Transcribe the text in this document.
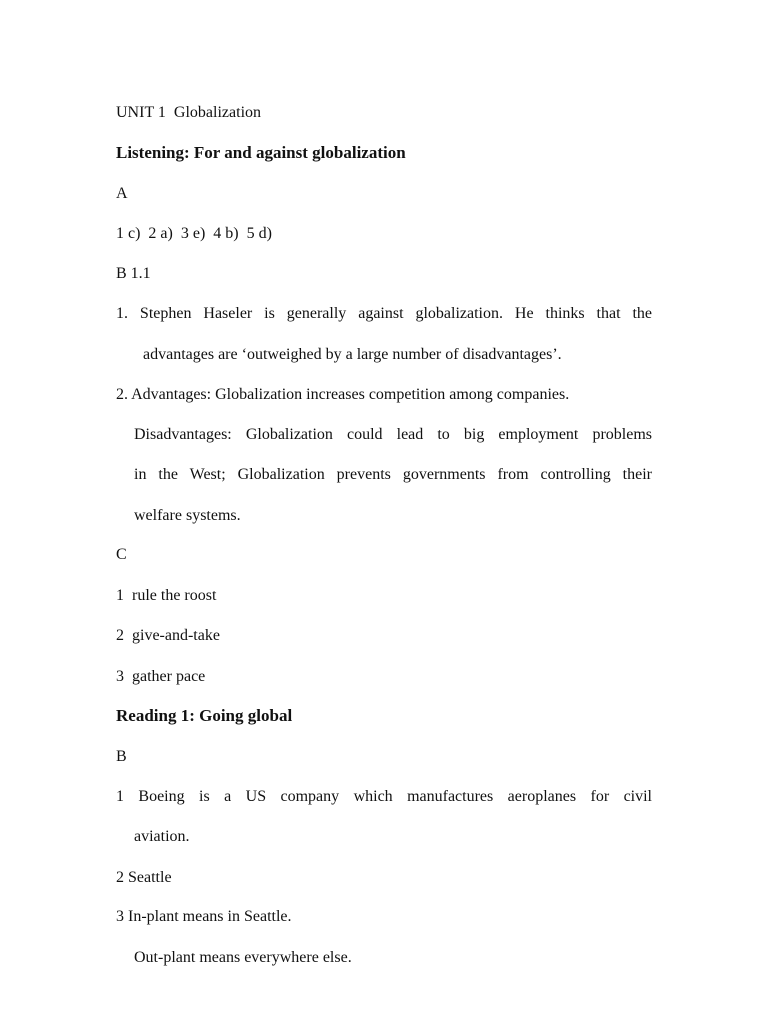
UNIT 1  Globalization
Listening: For and against globalization
A
1 c)  2 a)  3 e)  4 b)  5 d)
B 1.1
1. Stephen Haseler is generally against globalization. He thinks that the
advantages are ‘outweighed by a large number of disadvantages’.
2. Advantages: Globalization increases competition among companies.
Disadvantages: Globalization could lead to big employment problems
in the West; Globalization prevents governments from controlling their
welfare systems.
C
1  rule the roost
2  give-and-take
3  gather pace
Reading 1: Going global
B
1 Boeing is a US company which manufactures aeroplanes for civil
aviation.
2 Seattle
3 In-plant means in Seattle.
Out-plant means everywhere else.
